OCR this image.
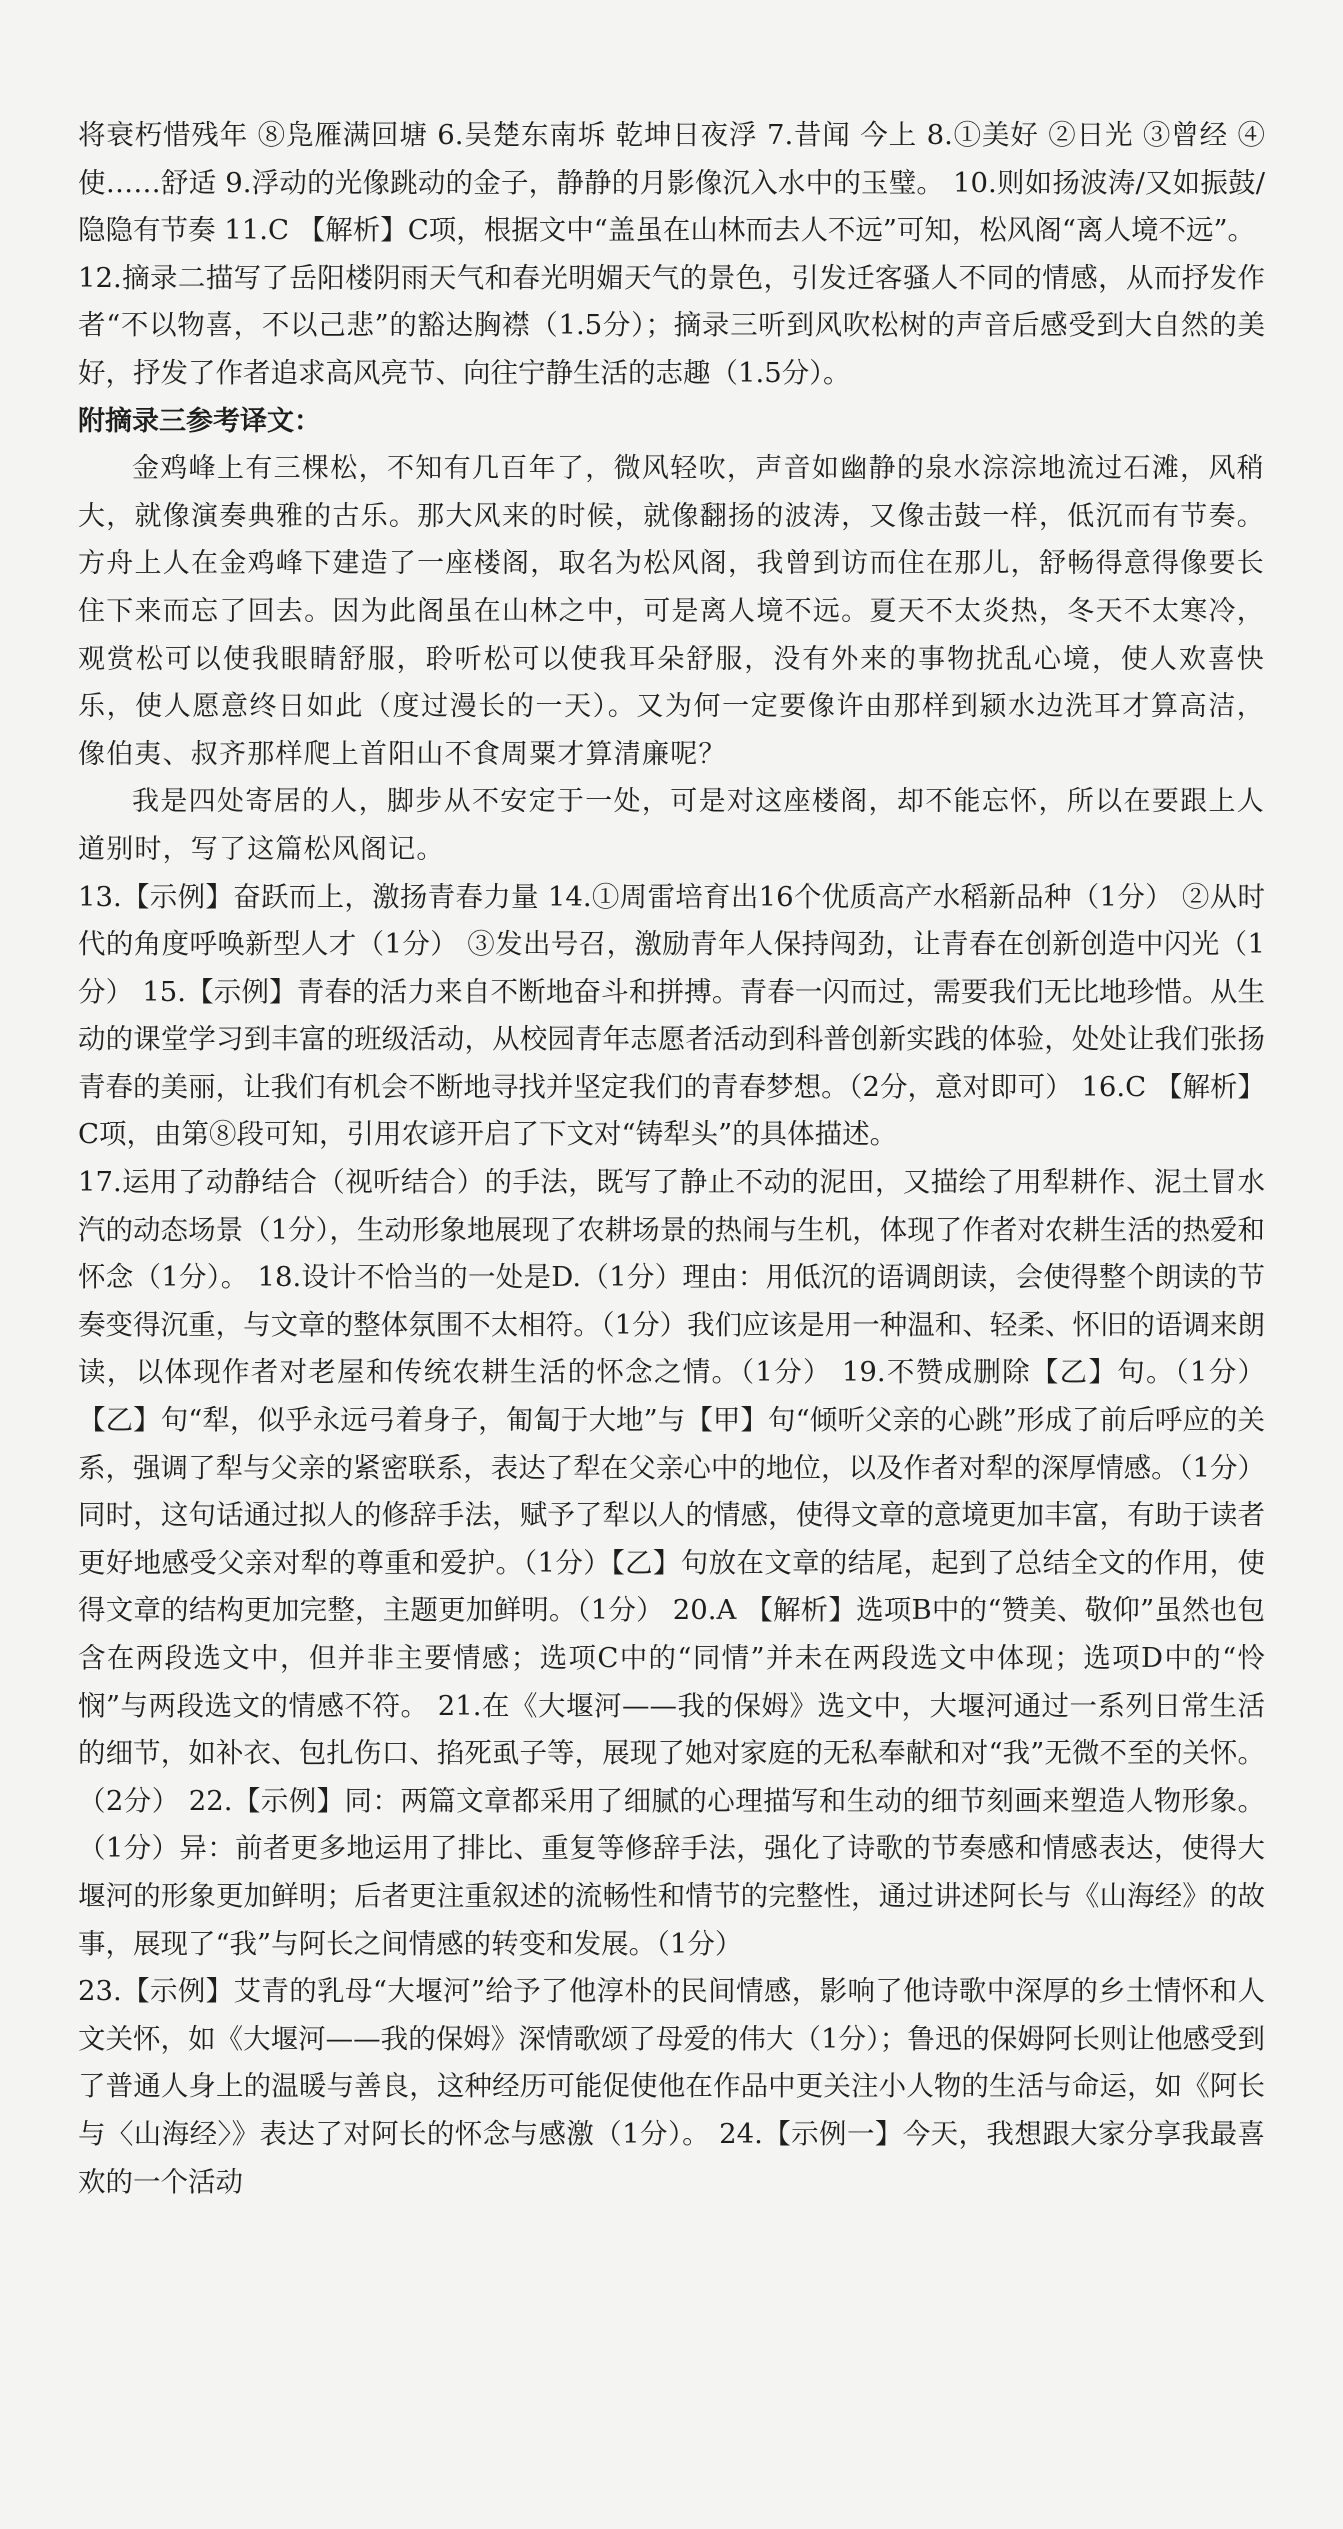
将衰朽惜残年 ⑧凫雁满回塘 6.吴楚东南坼 乾坤日夜浮 7.昔闻 今上 8.①美好 ②日光 ③曾经 ④使……舒适 9.浮动的光像跳动的金子，静静的月影像沉入水中的玉璧。 10.则如扬波涛/又如振鼓/隐隐有节奏 11.C 【解析】C项，根据文中“盖虽在山林而去人不远”可知，松风阁“离人境不远”。

12.摘录二描写了岳阳楼阴雨天气和春光明媚天气的景色，引发迁客骚人不同的情感，从而抒发作者“不以物喜，不以己悲”的豁达胸襟（1.5分）；摘录三听到风吹松树的声音后感受到大自然的美好，抒发了作者追求高风亮节、向往宁静生活的志趣（1.5分）。

附摘录三参考译文：

金鸡峰上有三棵松，不知有几百年了，微风轻吹，声音如幽静的泉水淙淙地流过石滩，风稍大，就像演奏典雅的古乐。那大风来的时候，就像翻扬的波涛，又像击鼓一样，低沉而有节奏。方舟上人在金鸡峰下建造了一座楼阁，取名为松风阁，我曾到访而住在那儿，舒畅得意得像要长住下来而忘了回去。因为此阁虽在山林之中，可是离人境不远。夏天不太炎热，冬天不太寒冷，观赏松可以使我眼睛舒服，聆听松可以使我耳朵舒服，没有外来的事物扰乱心境，使人欢喜快乐，使人愿意终日如此（度过漫长的一天）。又为何一定要像许由那样到颍水边洗耳才算高洁，像伯夷、叔齐那样爬上首阳山不食周粟才算清廉呢？

我是四处寄居的人，脚步从不安定于一处，可是对这座楼阁，却不能忘怀，所以在要跟上人道别时，写了这篇松风阁记。

13.【示例】奋跃而上，激扬青春力量 14.①周雷培育出16个优质高产水稻新品种（1分） ②从时代的角度呼唤新型人才（1分） ③发出号召，激励青年人保持闯劲，让青春在创新创造中闪光（1分） 15.【示例】青春的活力来自不断地奋斗和拼搏。青春一闪而过，需要我们无比地珍惜。从生动的课堂学习到丰富的班级活动，从校园青年志愿者活动到科普创新实践的体验，处处让我们张扬青春的美丽，让我们有机会不断地寻找并坚定我们的青春梦想。（2分，意对即可） 16.C 【解析】C项，由第⑧段可知，引用农谚开启了下文对“铸犁头”的具体描述。

17.运用了动静结合（视听结合）的手法，既写了静止不动的泥田，又描绘了用犁耕作、泥土冒水汽的动态场景（1分），生动形象地展现了农耕场景的热闹与生机，体现了作者对农耕生活的热爱和怀念（1分）。 18.设计不恰当的一处是D.（1分）理由：用低沉的语调朗读，会使得整个朗读的节奏变得沉重，与文章的整体氛围不太相符。（1分）我们应该是用一种温和、轻柔、怀旧的语调来朗读，以体现作者对老屋和传统农耕生活的怀念之情。（1分） 19.不赞成删除【乙】句。（1分）【乙】句“犁，似乎永远弓着身子，匍匐于大地”与【甲】句“倾听父亲的心跳”形成了前后呼应的关系，强调了犁与父亲的紧密联系，表达了犁在父亲心中的地位，以及作者对犁的深厚情感。（1分）同时，这句话通过拟人的修辞手法，赋予了犁以人的情感，使得文章的意境更加丰富，有助于读者更好地感受父亲对犁的尊重和爱护。（1分）【乙】句放在文章的结尾，起到了总结全文的作用，使得文章的结构更加完整，主题更加鲜明。（1分） 20.A 【解析】选项B中的“赞美、敬仰”虽然也包含在两段选文中，但并非主要情感；选项C中的“同情”并未在两段选文中体现；选项D中的“怜悯”与两段选文的情感不符。 21.在《大堰河——我的保姆》选文中，大堰河通过一系列日常生活的细节，如补衣、包扎伤口、掐死虱子等，展现了她对家庭的无私奉献和对“我”无微不至的关怀。（2分） 22.【示例】同：两篇文章都采用了细腻的心理描写和生动的细节刻画来塑造人物形象。（1分）异：前者更多地运用了排比、重复等修辞手法，强化了诗歌的节奏感和情感表达，使得大堰河的形象更加鲜明；后者更注重叙述的流畅性和情节的完整性，通过讲述阿长与《山海经》的故事，展现了“我”与阿长之间情感的转变和发展。（1分）

23.【示例】艾青的乳母“大堰河”给予了他淳朴的民间情感，影响了他诗歌中深厚的乡土情怀和人文关怀，如《大堰河——我的保姆》深情歌颂了母爱的伟大（1分）；鲁迅的保姆阿长则让他感受到了普通人身上的温暖与善良，这种经历可能促使他在作品中更关注小人物的生活与命运，如《阿长与〈山海经〉》表达了对阿长的怀念与感激（1分）。 24.【示例一】今天，我想跟大家分享我最喜欢的一个活动
